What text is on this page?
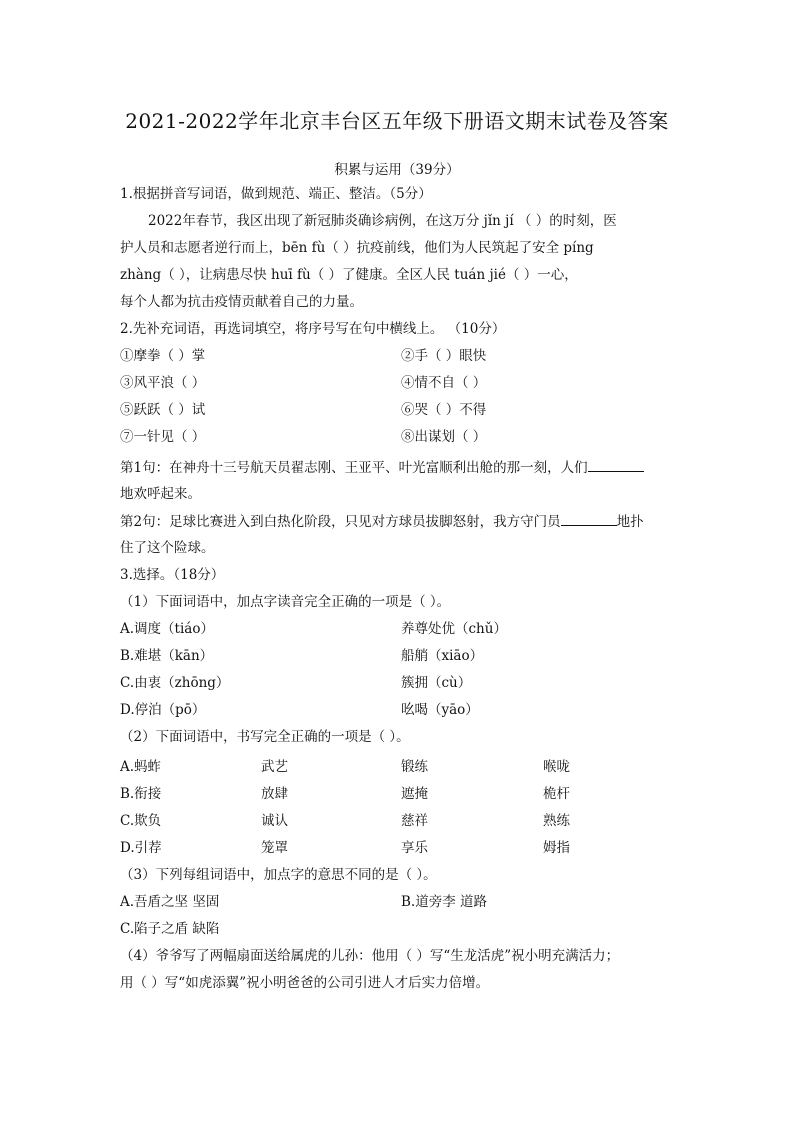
2021-2022学年北京丰台区五年级下册语文期末试卷及答案
积累与运用（39分）
1.根据拼音写词语，做到规范、端正、整洁。（5分）
2022年春节，我区出现了新冠肺炎确诊病例，在这万分 jǐn jí （ ）的时刻，医
护人员和志愿者逆行而上，bēn fù（ ）抗疫前线，他们为人民筑起了安全 píng
zhàng（ ），让病患尽快 huī fù（ ）了健康。全区人民 tuán jié（ ）一心，
每个人都为抗击疫情贡献着自己的力量。
2.先补充词语，再选词填空，将序号写在句中横线上。 （10分）
①摩拳（ ）掌	②手（ ）眼快
③风平浪（ ）	④情不自（ ）
⑤跃跃（ ）试	⑥哭（ ）不得
⑦一针见（ ）	⑧出谋划（ ）
第1句：在神舟十三号航天员翟志刚、王亚平、叶光富顺利出舱的那一刻，人们
地欢呼起来。
第2句：足球比赛进入到白热化阶段，只见对方球员拔脚怒射，我方守门员	地扑
住了这个险球。
3.选择。（18分）
（1）下面词语中，加点字读音完全正确的一项是（ ）。
A.调度（tiáo）	养尊处优（chǔ）
B.难堪（kān）	船艄（xiāo）
C.由衷（zhōng）	簇拥（cù）
D.停泊（pō）	吆喝（yāo）
（2）下面词语中，书写完全正确的一项是（ ）。
A.蚂蚱	武艺	锻练	喉咙
B.衔接	放肆	遮掩	桅杆
C.欺负	诚认	慈祥	熟练
D.引荐	笼罩	享乐	姆指
（3）下列每组词语中，加点字的意思不同的是（ ）。
A.吾盾之坚 坚固	B.道旁李 道路
C.陷子之盾 缺陷
（4）爷爷写了两幅扇面送给属虎的儿孙：他用（ ）写“生龙活虎”祝小明充满活力；
用（ ）写“如虎添翼”祝小明爸爸的公司引进人才后实力倍增。
